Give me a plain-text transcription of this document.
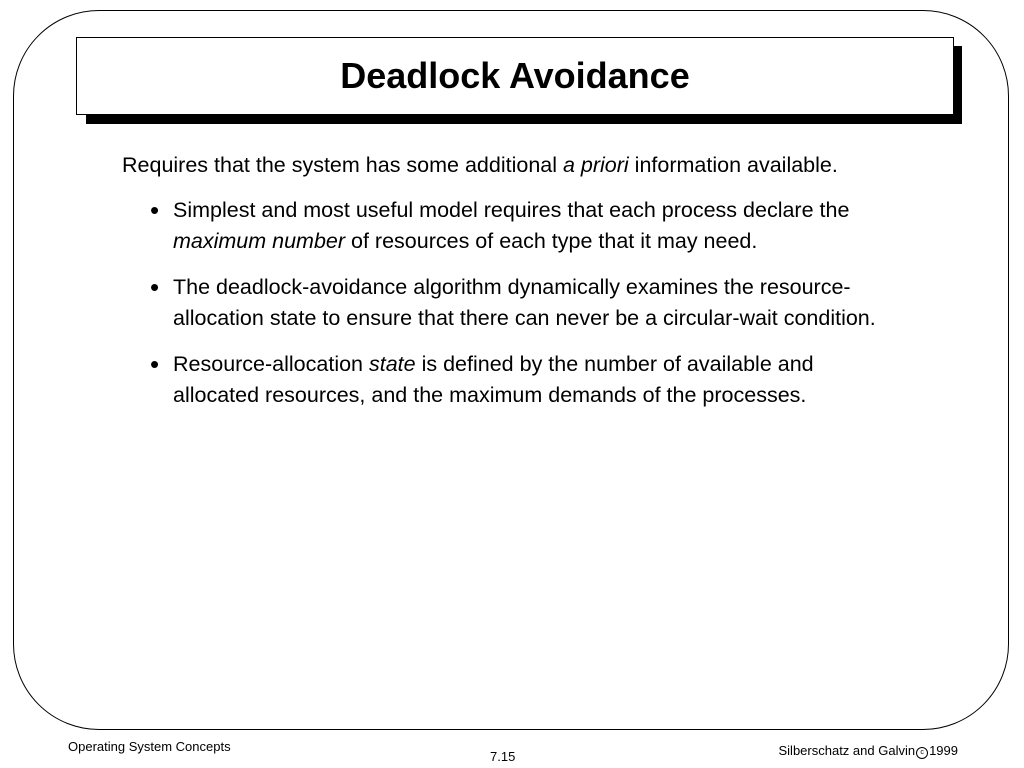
Deadlock Avoidance

Requires that the system has some additional a priori information available.

• Simplest and most useful model requires that each process declare the maximum number of resources of each type that it may need.
• The deadlock-avoidance algorithm dynamically examines the resource-allocation state to ensure that there can never be a circular-wait condition.
• Resource-allocation state is defined by the number of available and allocated resources, and the maximum demands of the processes.
Operating System Concepts
7.15	Silberschatz and Galvin c 1999
